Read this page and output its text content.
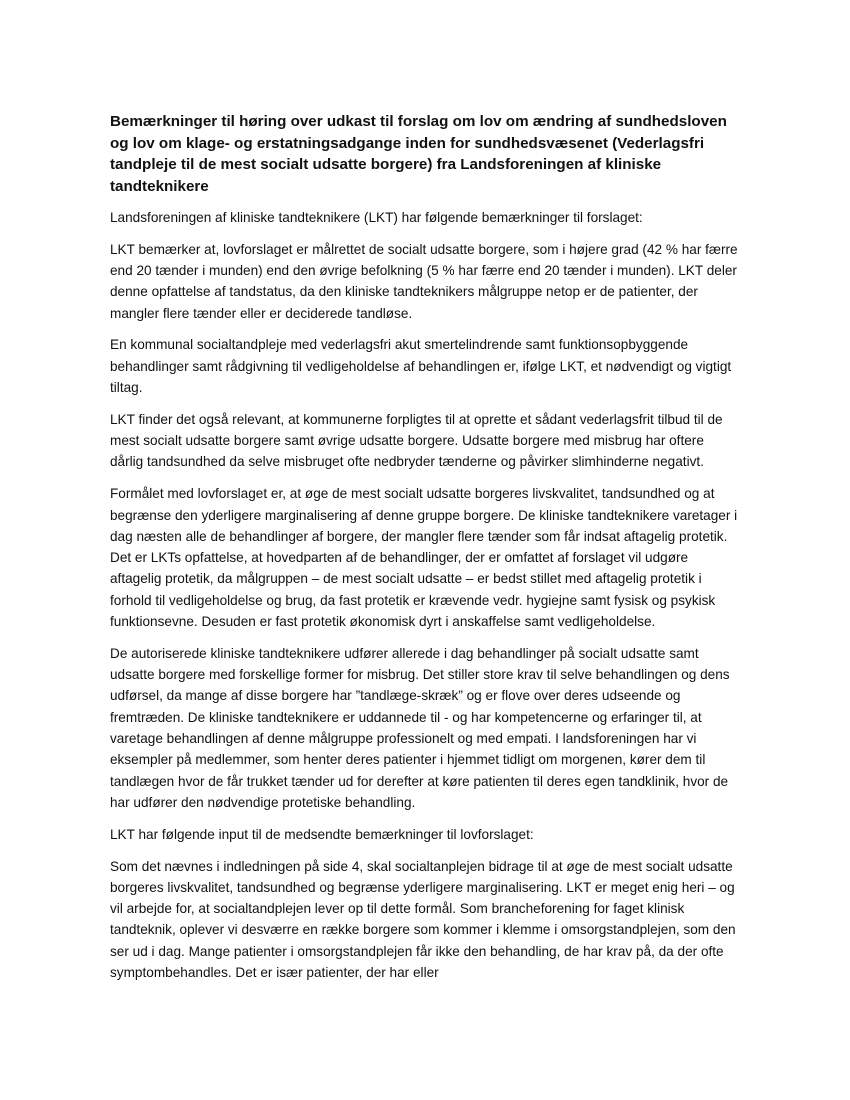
Bemærkninger til høring over udkast til forslag om lov om ændring af sundhedsloven og lov om klage- og erstatningsadgange inden for sundhedsvæsenet (Vederlagsfri tandpleje til de mest socialt udsatte borgere) fra Landsforeningen af kliniske tandteknikere

Landsforeningen af kliniske tandteknikere (LKT) har følgende bemærkninger til forslaget:

LKT bemærker at, lovforslaget er målrettet de socialt udsatte borgere, som i højere grad (42 % har færre end 20 tænder i munden) end den øvrige befolkning (5 % har færre end 20 tænder i munden). LKT deler denne opfattelse af tandstatus, da den kliniske tandteknikers målgruppe netop er de patienter, der mangler flere tænder eller er deciderede tandløse.

En kommunal socialtandpleje med vederlagsfri akut smertelindrende samt funktionsopbyggende behandlinger samt rådgivning til vedligeholdelse af behandlingen er, ifølge LKT, et nødvendigt og vigtigt tiltag.

LKT finder det også relevant, at kommunerne forpligtes til at oprette et sådant vederlagsfrit tilbud til de mest socialt udsatte borgere samt øvrige udsatte borgere. Udsatte borgere med misbrug har oftere dårlig tandsundhed da selve misbruget ofte nedbryder tænderne og påvirker slimhinderne negativt.

Formålet med lovforslaget er, at øge de mest socialt udsatte borgeres livskvalitet, tandsundhed og at begrænse den yderligere marginalisering af denne gruppe borgere. De kliniske tandteknikere varetager i dag næsten alle de behandlinger af borgere, der mangler flere tænder som får indsat aftagelig protetik. Det er LKTs opfattelse, at hovedparten af de behandlinger, der er omfattet af forslaget vil udgøre aftagelig protetik, da målgruppen – de mest socialt udsatte – er bedst stillet med aftagelig protetik i forhold til vedligeholdelse og brug, da fast protetik er krævende vedr. hygiejne samt fysisk og psykisk funktionsevne. Desuden er fast protetik økonomisk dyrt i anskaffelse samt vedligeholdelse.

De autoriserede kliniske tandteknikere udfører allerede i dag behandlinger på socialt udsatte samt udsatte borgere med forskellige former for misbrug. Det stiller store krav til selve behandlingen og dens udførsel, da mange af disse borgere har ”tandlæge-skræk” og er flove over deres udseende og fremtræden. De kliniske tandteknikere er uddannede til - og har kompetencerne og erfaringer til, at varetage behandlingen af denne målgruppe professionelt og med empati. I landsforeningen har vi eksempler på medlemmer, som henter deres patienter i hjemmet tidligt om morgenen, kører dem til tandlægen hvor de får trukket tænder ud for derefter at køre patienten til deres egen tandklinik, hvor de har udfører den nødvendige protetiske behandling.

LKT har følgende input til de medsendte bemærkninger til lovforslaget:

Som det nævnes i indledningen på side 4, skal socialtanplejen bidrage til at øge de mest socialt udsatte borgeres livskvalitet, tandsundhed og begrænse yderligere marginalisering. LKT er meget enig heri – og vil arbejde for, at socialtandplejen lever op til dette formål. Som brancheforening for faget klinisk tandteknik, oplever vi desværre en række borgere som kommer i klemme i omsorgstandplejen, som den ser ud i dag. Mange patienter i omsorgstandplejen får ikke den behandling, de har krav på, da der ofte symptombehandles. Det er især patienter, der har eller
